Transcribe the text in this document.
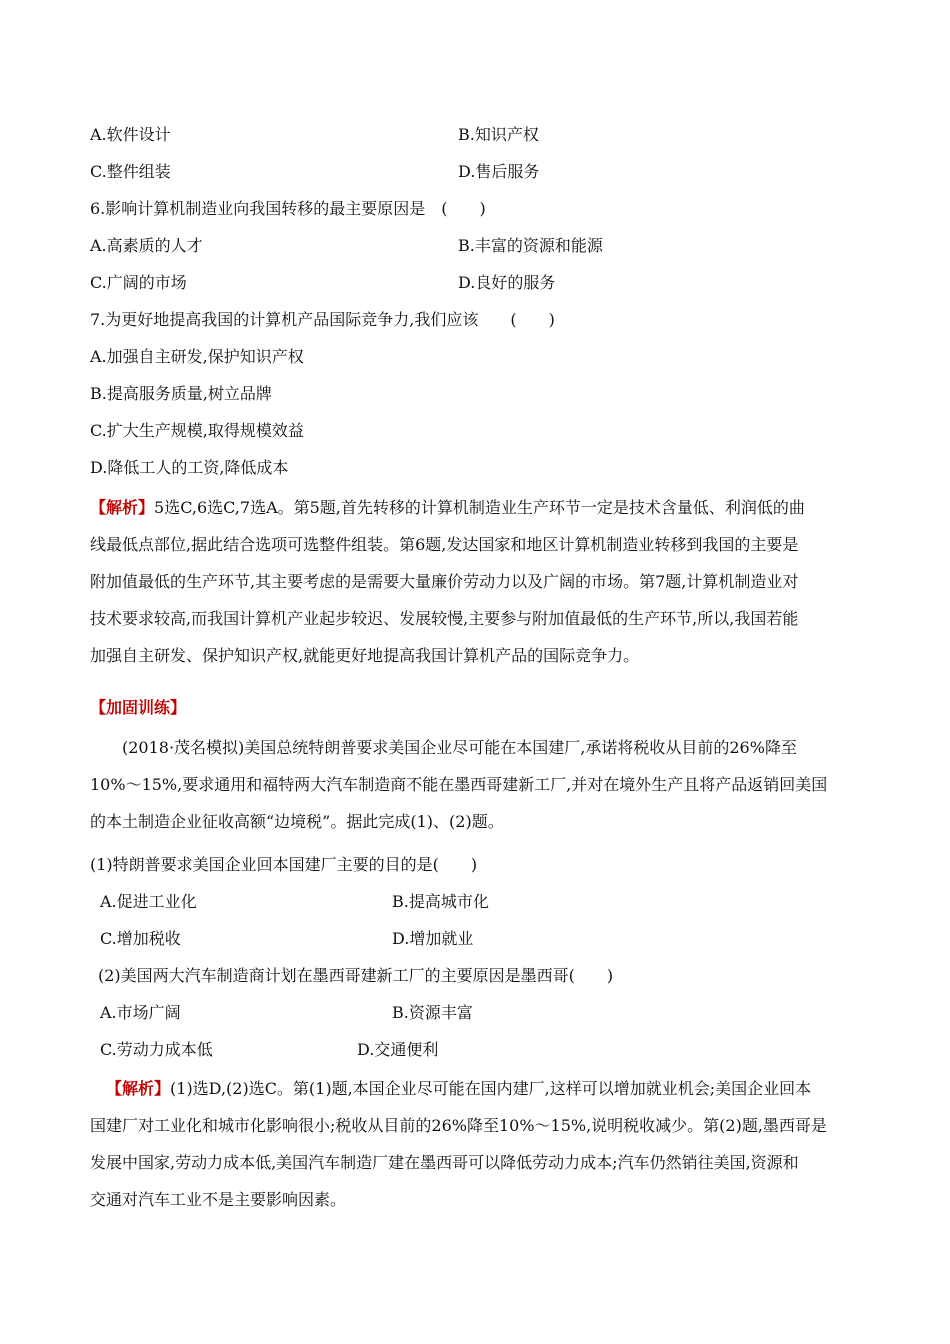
A.软件设计	B.知识产权
C.整件组装	D.售后服务
6.影响计算机制造业向我国转移的最主要原因是　(　　)
A.高素质的人才	B.丰富的资源和能源
C.广阔的市场	D.良好的服务
7.为更好地提高我国的计算机产品国际竞争力,我们应该　　(　　)
A.加强自主研发,保护知识产权
B.提高服务质量,树立品牌
C.扩大生产规模,取得规模效益
D.降低工人的工资,降低成本
【解析】5选C,6选C,7选A。第5题,首先转移的计算机制造业生产环节一定是技术含量低、利润低的曲
线最低点部位,据此结合选项可选整件组装。第6题,发达国家和地区计算机制造业转移到我国的主要是
附加值最低的生产环节,其主要考虑的是需要大量廉价劳动力以及广阔的市场。第7题,计算机制造业对
技术要求较高,而我国计算机产业起步较迟、发展较慢,主要参与附加值最低的生产环节,所以,我国若能
加强自主研发、保护知识产权,就能更好地提高我国计算机产品的国际竞争力。
【加固训练】
(2018·茂名模拟)美国总统特朗普要求美国企业尽可能在本国建厂,承诺将税收从目前的26%降至
10%～15%,要求通用和福特两大汽车制造商不能在墨西哥建新工厂,并对在境外生产且将产品返销回美国
的本土制造企业征收高额“边境税”。据此完成(1)、(2)题。
(1)特朗普要求美国企业回本国建厂主要的目的是(　　)
A.促进工业化	B.提高城市化
C.增加税收	D.增加就业
(2)美国两大汽车制造商计划在墨西哥建新工厂的主要原因是墨西哥(　　)
A.市场广阔	B.资源丰富
C.劳动力成本低	D.交通便利
【解析】(1)选D,(2)选C。第(1)题,本国企业尽可能在国内建厂,这样可以增加就业机会;美国企业回本
国建厂对工业化和城市化影响很小;税收从目前的26%降至10%～15%,说明税收减少。第(2)题,墨西哥是
发展中国家,劳动力成本低,美国汽车制造厂建在墨西哥可以降低劳动力成本;汽车仍然销往美国,资源和
交通对汽车工业不是主要影响因素。
